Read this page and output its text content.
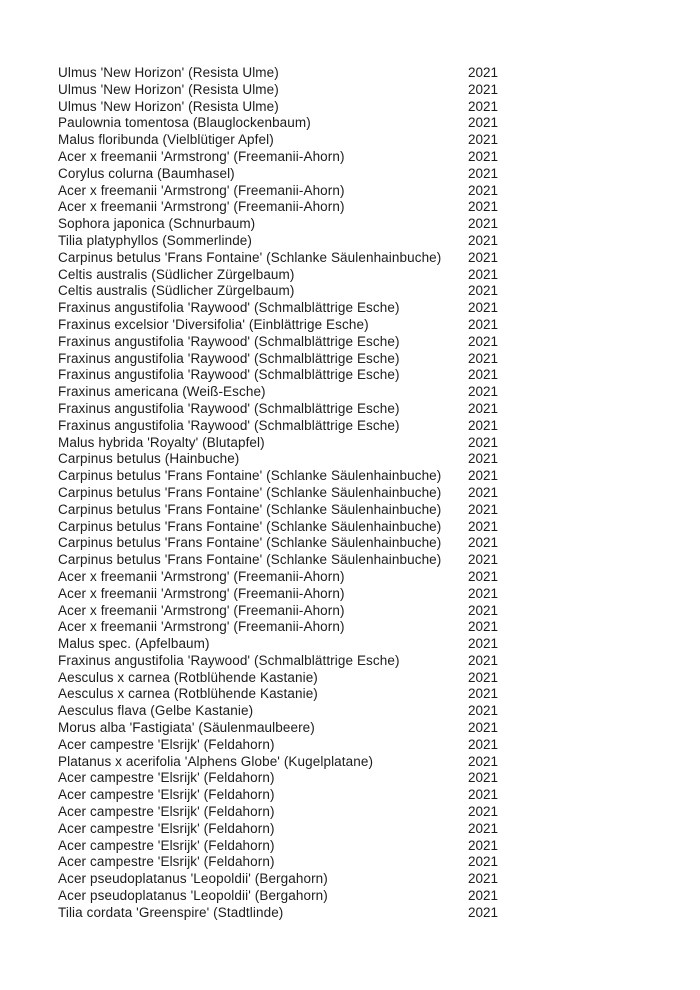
Ulmus 'New Horizon' (Resista Ulme)	2021
Ulmus 'New Horizon' (Resista Ulme)	2021
Ulmus 'New Horizon' (Resista Ulme)	2021
Paulownia tomentosa (Blauglockenbaum)	2021
Malus floribunda (Vielblütiger Apfel)	2021
Acer x freemanii 'Armstrong' (Freemanii-Ahorn)	2021
Corylus colurna (Baumhasel)	2021
Acer x freemanii 'Armstrong' (Freemanii-Ahorn)	2021
Acer x freemanii 'Armstrong' (Freemanii-Ahorn)	2021
Sophora japonica (Schnurbaum)	2021
Tilia platyphyllos (Sommerlinde)	2021
Carpinus betulus 'Frans Fontaine' (Schlanke Säulenhainbuche)	2021
Celtis australis (Südlicher Zürgelbaum)	2021
Celtis australis (Südlicher Zürgelbaum)	2021
Fraxinus angustifolia 'Raywood' (Schmalblättrige Esche)	2021
Fraxinus excelsior 'Diversifolia' (Einblättrige Esche)	2021
Fraxinus angustifolia 'Raywood' (Schmalblättrige Esche)	2021
Fraxinus angustifolia 'Raywood' (Schmalblättrige Esche)	2021
Fraxinus angustifolia 'Raywood' (Schmalblättrige Esche)	2021
Fraxinus americana (Weiß-Esche)	2021
Fraxinus angustifolia 'Raywood' (Schmalblättrige Esche)	2021
Fraxinus angustifolia 'Raywood' (Schmalblättrige Esche)	2021
Malus hybrida 'Royalty' (Blutapfel)	2021
Carpinus betulus (Hainbuche)	2021
Carpinus betulus 'Frans Fontaine' (Schlanke Säulenhainbuche)	2021
Carpinus betulus 'Frans Fontaine' (Schlanke Säulenhainbuche)	2021
Carpinus betulus 'Frans Fontaine' (Schlanke Säulenhainbuche)	2021
Carpinus betulus 'Frans Fontaine' (Schlanke Säulenhainbuche)	2021
Carpinus betulus 'Frans Fontaine' (Schlanke Säulenhainbuche)	2021
Carpinus betulus 'Frans Fontaine' (Schlanke Säulenhainbuche)	2021
Acer x freemanii 'Armstrong' (Freemanii-Ahorn)	2021
Acer x freemanii 'Armstrong' (Freemanii-Ahorn)	2021
Acer x freemanii 'Armstrong' (Freemanii-Ahorn)	2021
Acer x freemanii 'Armstrong' (Freemanii-Ahorn)	2021
Malus spec. (Apfelbaum)	2021
Fraxinus angustifolia 'Raywood' (Schmalblättrige Esche)	2021
Aesculus x carnea (Rotblühende Kastanie)	2021
Aesculus x carnea (Rotblühende Kastanie)	2021
Aesculus flava (Gelbe Kastanie)	2021
Morus alba 'Fastigiata' (Säulenmaulbeere)	2021
Acer campestre 'Elsrijk' (Feldahorn)	2021
Platanus x acerifolia 'Alphens Globe' (Kugelplatane)	2021
Acer campestre 'Elsrijk' (Feldahorn)	2021
Acer campestre 'Elsrijk' (Feldahorn)	2021
Acer campestre 'Elsrijk' (Feldahorn)	2021
Acer campestre 'Elsrijk' (Feldahorn)	2021
Acer campestre 'Elsrijk' (Feldahorn)	2021
Acer campestre 'Elsrijk' (Feldahorn)	2021
Acer pseudoplatanus 'Leopoldii' (Bergahorn)	2021
Acer pseudoplatanus 'Leopoldii' (Bergahorn)	2021
Tilia cordata 'Greenspire' (Stadtlinde)	2021
